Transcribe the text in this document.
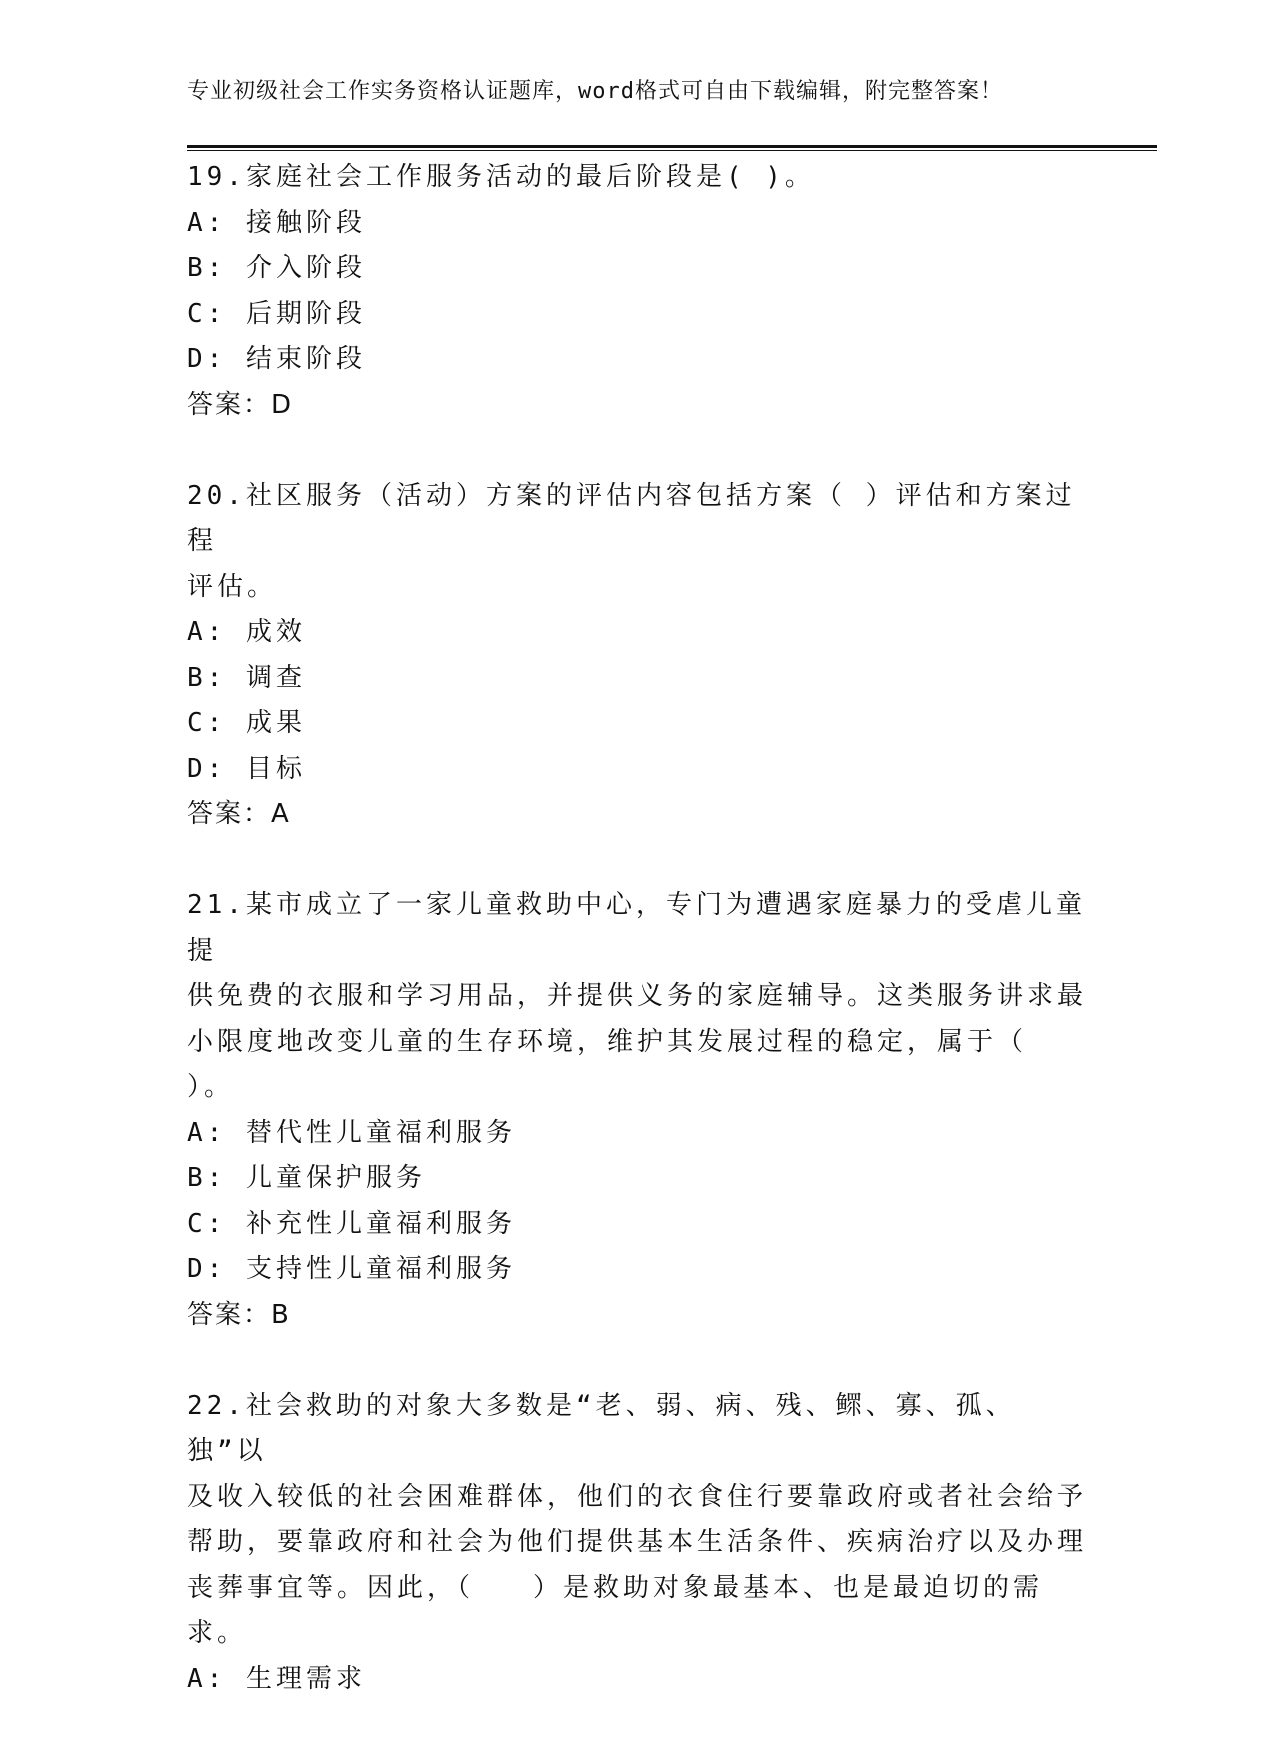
专业初级社会工作实务资格认证题库，word格式可自由下载编辑，附完整答案！
19.家庭社会工作服务活动的最后阶段是( )。
A: 接触阶段
B: 介入阶段
C: 后期阶段
D: 结束阶段
答案：D
20.社区服务（活动）方案的评估内容包括方案（ ）评估和方案过程
评估。
A: 成效
B: 调查
C: 成果
D: 目标
答案：A
21.某市成立了一家儿童救助中心，专门为遭遇家庭暴力的受虐儿童提
供免费的衣服和学习用品，并提供义务的家庭辅导。这类服务讲求最
小限度地改变儿童的生存环境，维护其发展过程的稳定，属于（ ）。
A: 替代性儿童福利服务
B: 儿童保护服务
C: 补充性儿童福利服务
D: 支持性儿童福利服务
答案：B
22.社会救助的对象大多数是“老、弱、病、残、鳏、寡、孤、独”以
及收入较低的社会困难群体，他们的衣食住行要靠政府或者社会给予
帮助，要靠政府和社会为他们提供基本生活条件、疾病治疗以及办理
丧葬事宜等。因此，（   ）是救助对象最基本、也是最迫切的需求。
A: 生理需求
